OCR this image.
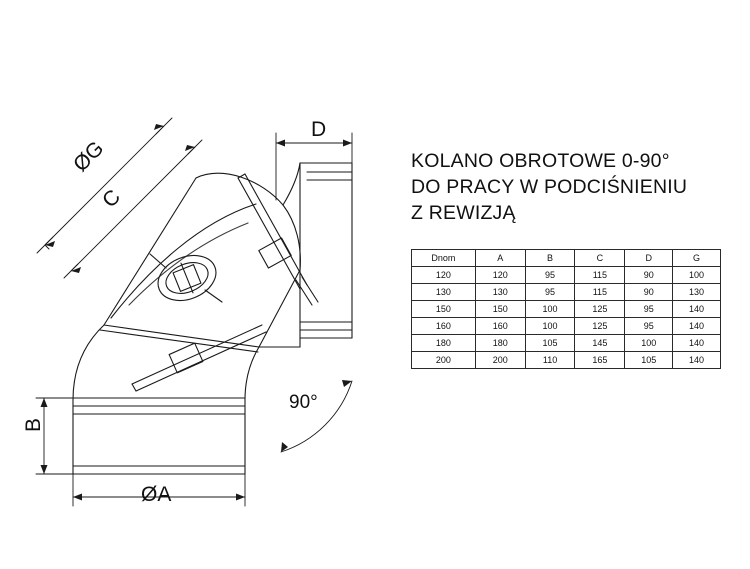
ØG
C
D
B
ØA
90°
KOLANO OBROTOWE 0-90°
DO PRACY W PODCIŚNIENIU
Z REWIZJĄ
Dnom	A	B	C	D	G
120	120	95	115	90	100
130	130	95	115	90	130
150	150	100	125	95	140
160	160	100	125	95	140
180	180	105	145	100	140
200	200	110	165	105	140
